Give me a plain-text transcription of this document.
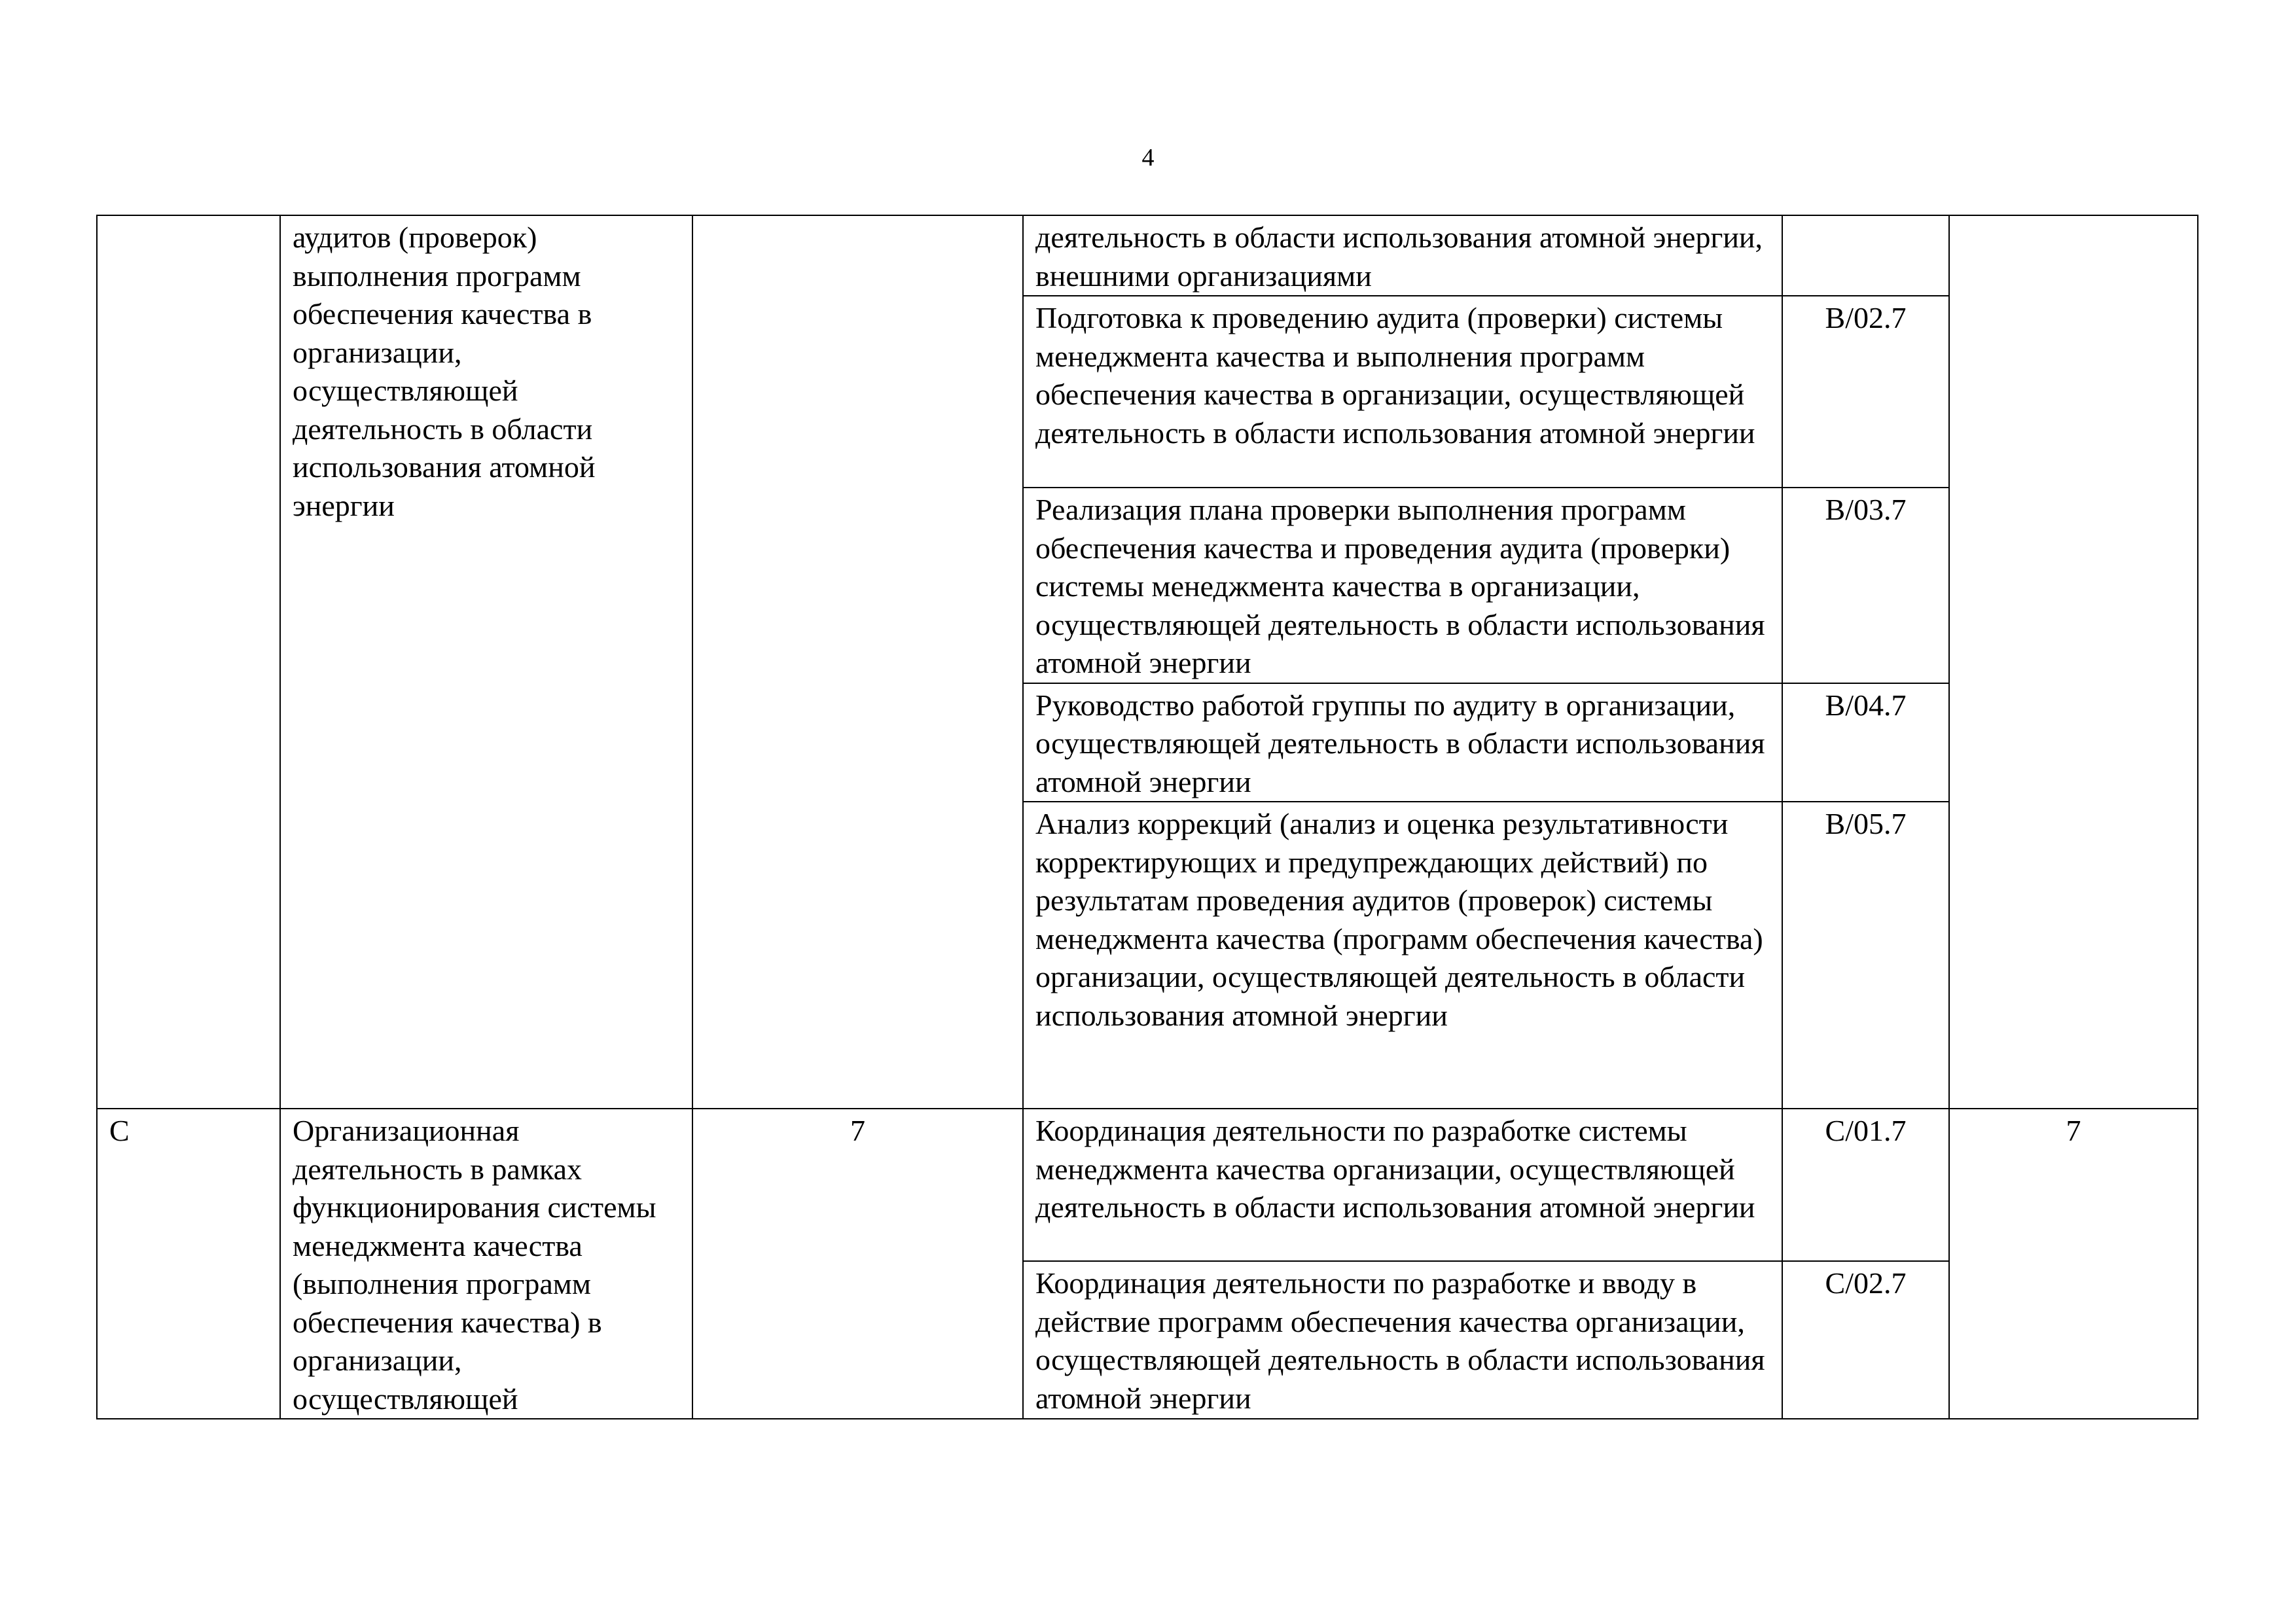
4

	аудитов (проверок) выполнения программ обеспечения качества в организации, осуществляющей деятельность в области использования атомной энергии		деятельность в области использования атомной энергии, внешними организациями		

			Подготовка к проведению аудита (проверки) системы менеджмента качества и выполнения программ обеспечения качества в организации, осуществляющей деятельность в области использования атомной энергии	B/02.7	

			Реализация плана проверки выполнения программ обеспечения качества и проведения аудита (проверки) системы менеджмента качества в организации, осуществляющей деятельность в области использования атомной энергии	B/03.7	

			Руководство работой группы по аудиту в организации, осуществляющей деятельность в области использования атомной энергии	B/04.7	

			Анализ коррекций (анализ и оценка результативности корректирующих и предупреждающих действий) по результатам проведения аудитов (проверок) системы менеджмента качества (программ обеспечения качества) организации, осуществляющей деятельность в области использования атомной энергии	B/05.7	
C	Организационная деятельность в рамках функционирования системы менеджмента качества (выполнения программ обеспечения качества) в организации, осуществляющей	7	Координация деятельности по разработке системы менеджмента качества организации, осуществляющей деятельность в области использования атомной энергии	C/01.7	7

			Координация деятельности по разработке и вводу в действие программ обеспечения качества организации, осуществляющей деятельность в области использования атомной энергии	C/02.7	
